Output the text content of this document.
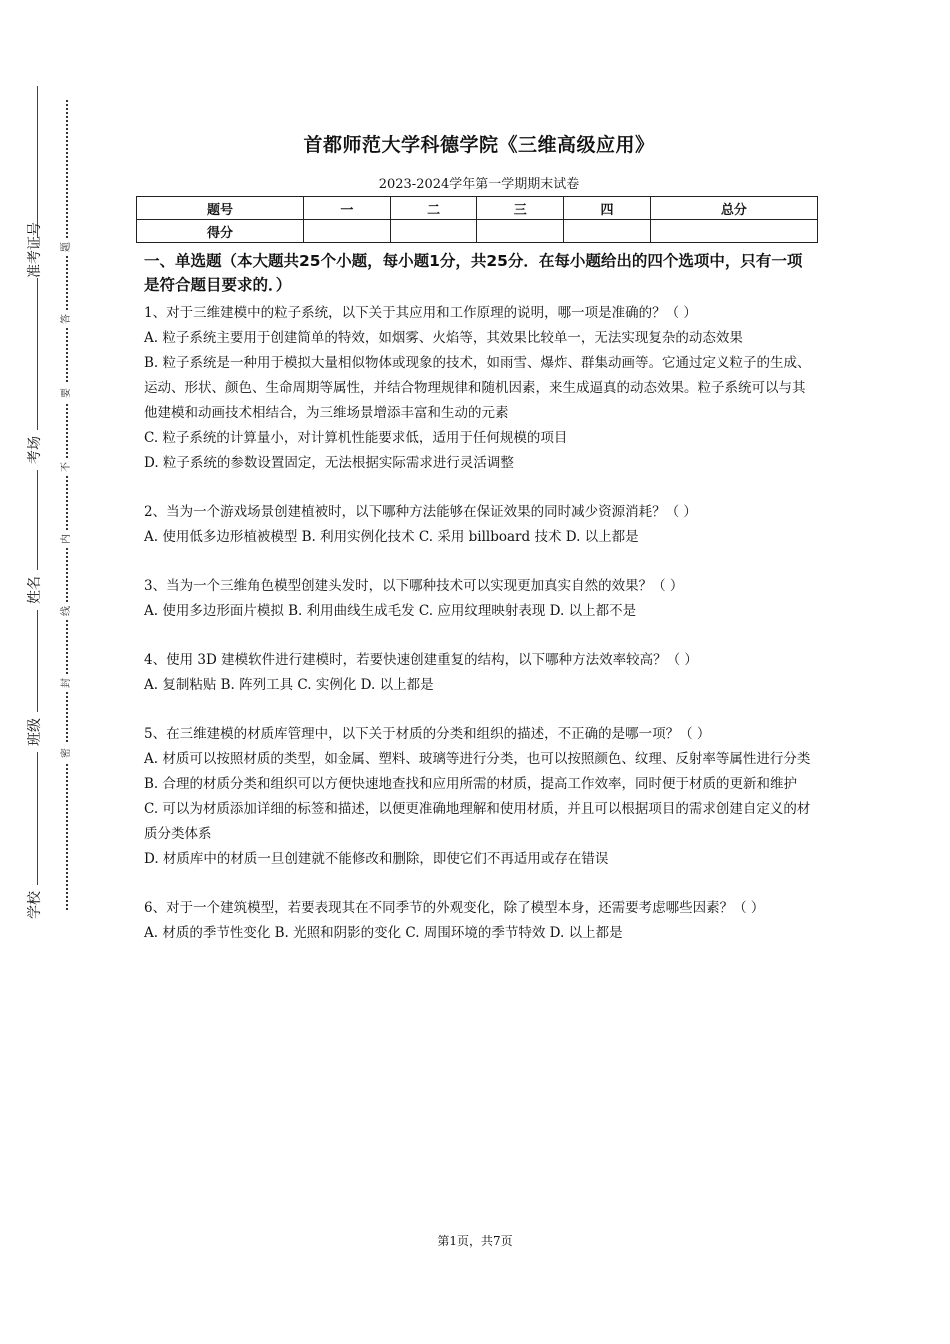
准考证号
考场
姓名
班级
学校
题
答
要
不
内
线
封
密
首都师范大学科德学院《三维高级应用》
2023-2024学年第一学期期末试卷
题号	一	二	三	四	总分
得分					
一、单选题（本大题共25个小题，每小题1分，共25分．在每小题给出的四个选项中，只有一项是符合题目要求的．）

1、对于三维建模中的粒子系统，以下关于其应用和工作原理的说明，哪一项是准确的？（ ）

A. 粒子系统主要用于创建简单的特效，如烟雾、火焰等，其效果比较单一，无法实现复杂的动态效果

B. 粒子系统是一种用于模拟大量相似物体或现象的技术，如雨雪、爆炸、群集动画等。它通过定义粒子的生成、运动、形状、颜色、生命周期等属性，并结合物理规律和随机因素，来生成逼真的动态效果。粒子系统可以与其他建模和动画技术相结合，为三维场景增添丰富和生动的元素

C. 粒子系统的计算量小，对计算机性能要求低，适用于任何规模的项目

D. 粒子系统的参数设置固定，无法根据实际需求进行灵活调整

2、当为一个游戏场景创建植被时，以下哪种方法能够在保证效果的同时减少资源消耗？（ ）

A. 使用低多边形植被模型 B. 利用实例化技术 C. 采用 billboard 技术 D. 以上都是

3、当为一个三维角色模型创建头发时，以下哪种技术可以实现更加真实自然的效果？（ ）

A. 使用多边形面片模拟 B. 利用曲线生成毛发 C. 应用纹理映射表现 D. 以上都不是

4、使用 3D 建模软件进行建模时，若要快速创建重复的结构，以下哪种方法效率较高？（ ）

A. 复制粘贴 B. 阵列工具 C. 实例化 D. 以上都是

5、在三维建模的材质库管理中，以下关于材质的分类和组织的描述，不正确的是哪一项？（ ）

A. 材质可以按照材质的类型，如金属、塑料、玻璃等进行分类，也可以按照颜色、纹理、反射率等属性进行分类

B. 合理的材质分类和组织可以方便快速地查找和应用所需的材质，提高工作效率，同时便于材质的更新和维护

C. 可以为材质添加详细的标签和描述，以便更准确地理解和使用材质，并且可以根据项目的需求创建自定义的材质分类体系

D. 材质库中的材质一旦创建就不能修改和删除，即使它们不再适用或存在错误

6、对于一个建筑模型，若要表现其在不同季节的外观变化，除了模型本身，还需要考虑哪些因素？（ ）

A. 材质的季节性变化 B. 光照和阴影的变化 C. 周围环境的季节特效 D. 以上都是

第1页，共7页
